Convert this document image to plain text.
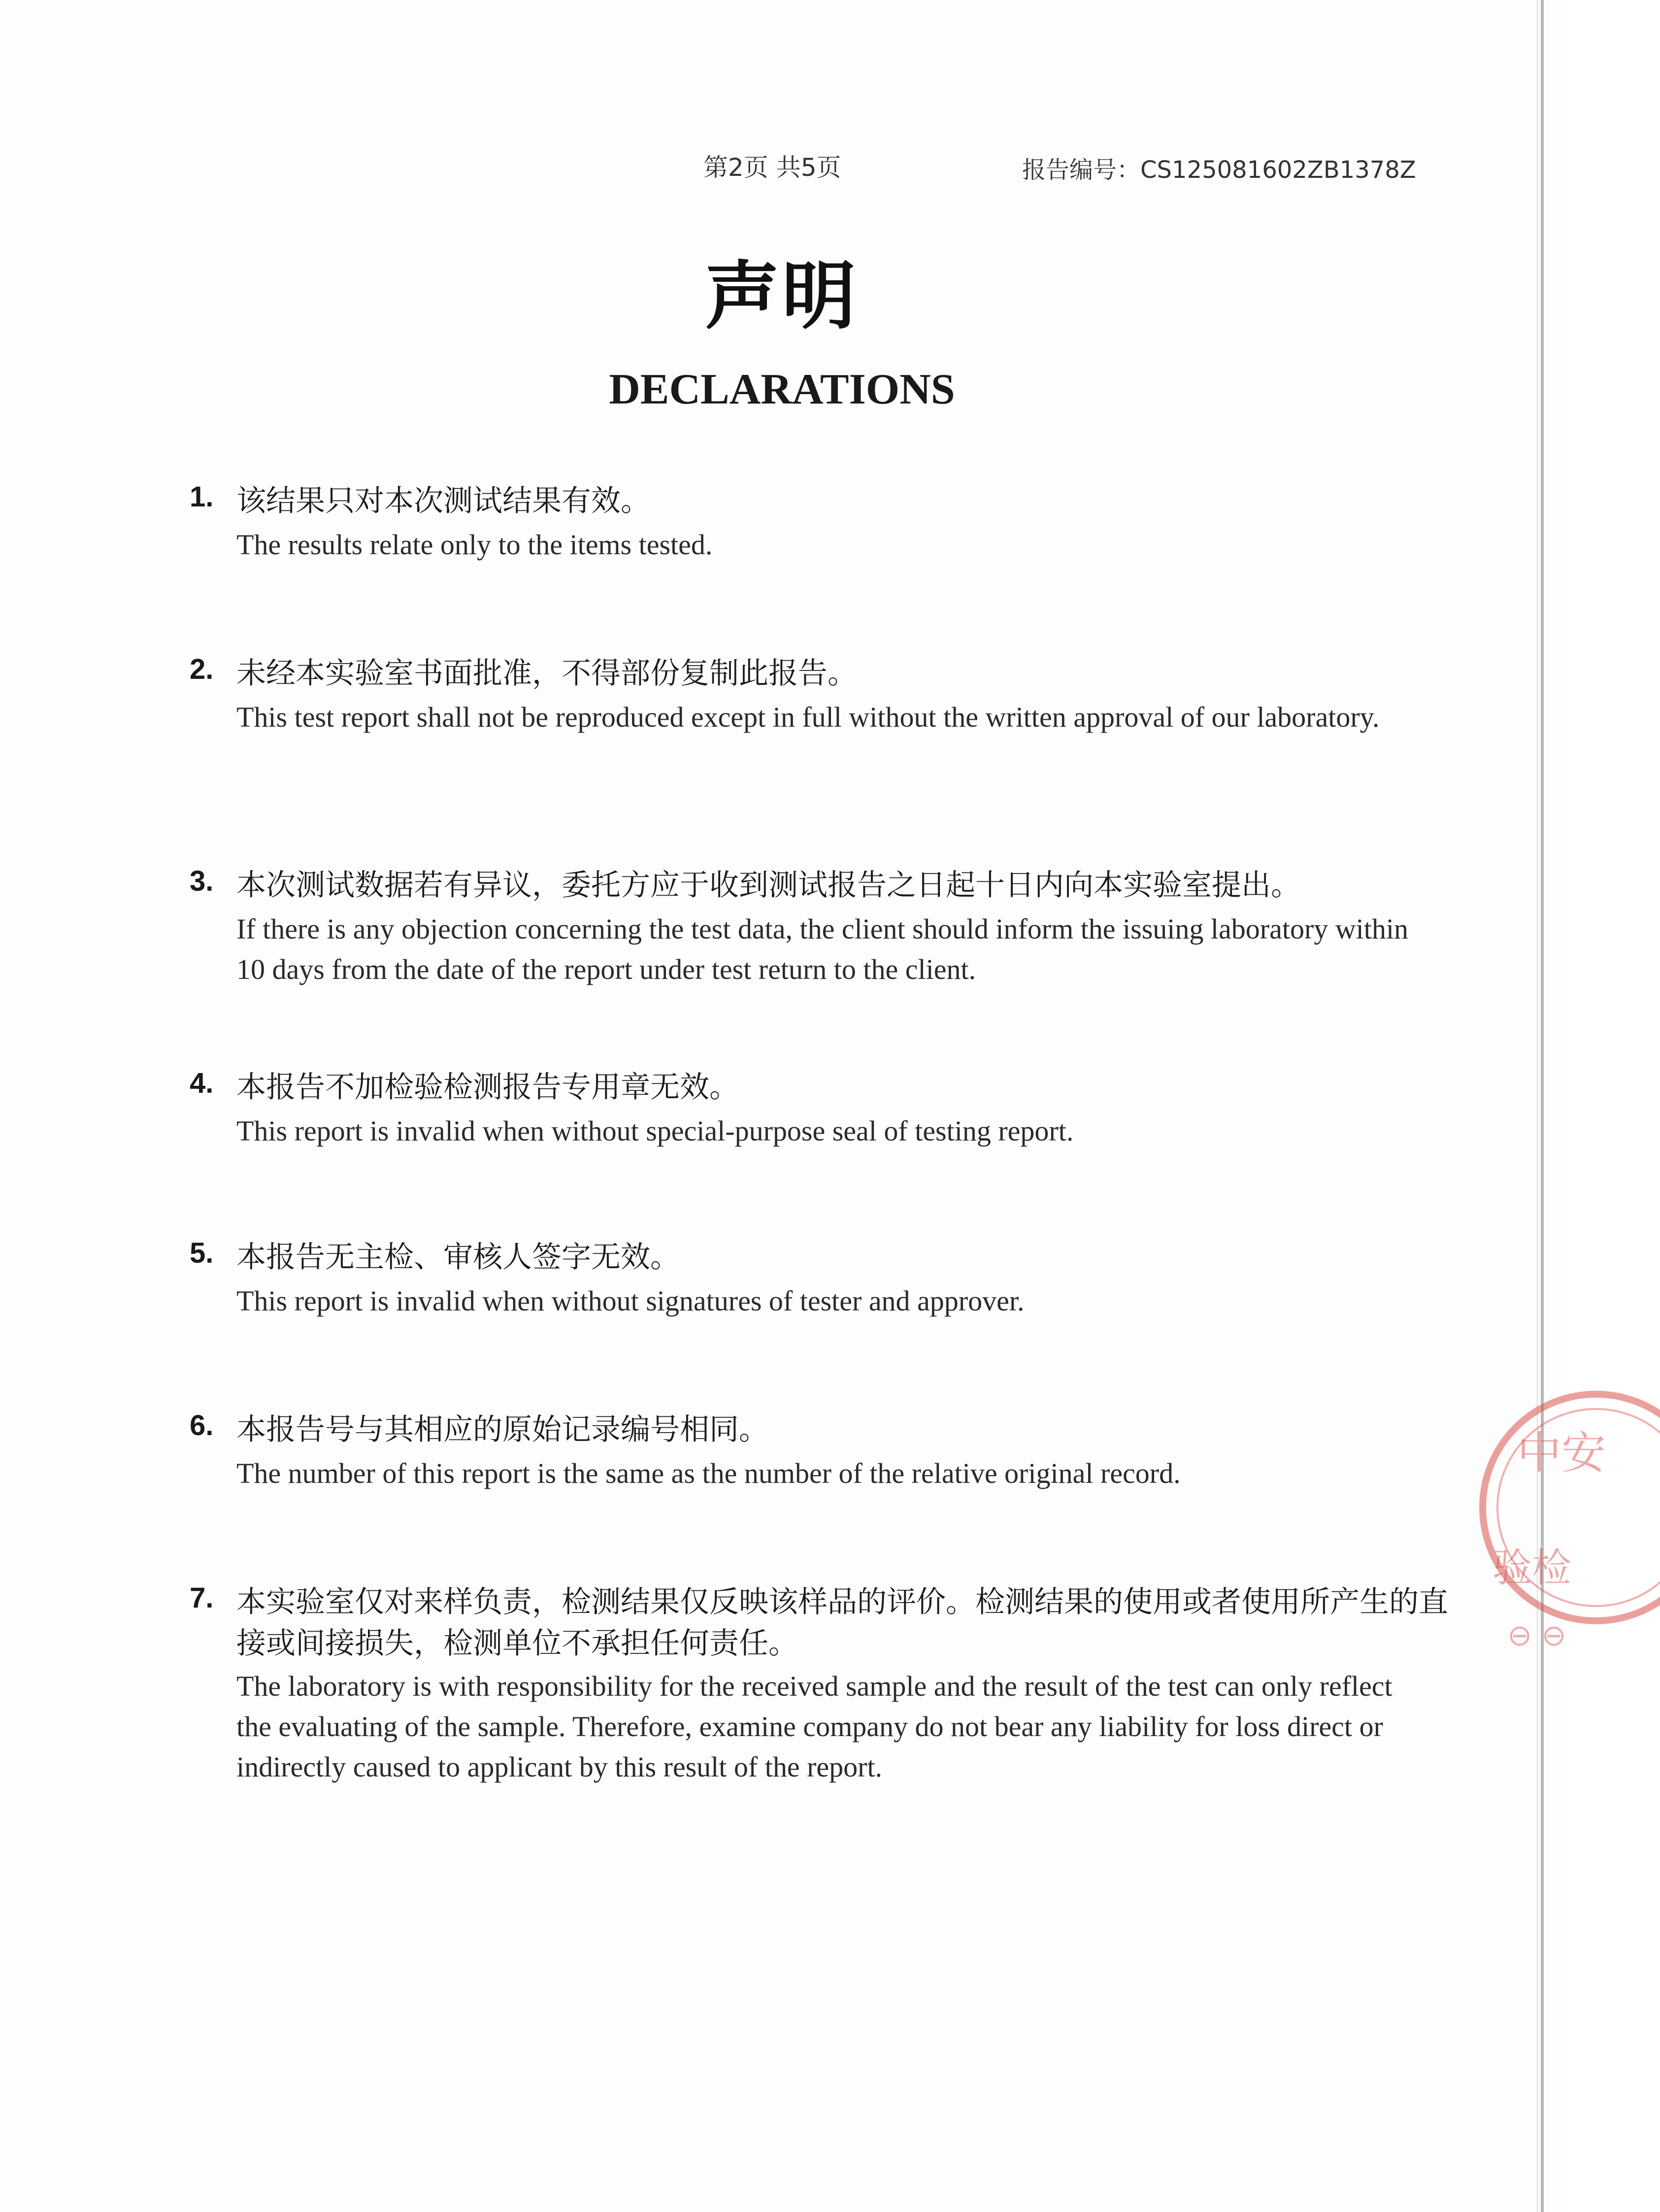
第2页 共5页	报告编号：CS125081602ZB1378Z
声明
DECLARATIONS
1. 该结果只对本次测试结果有效。
The results relate only to the items tested.
2. 未经本实验室书面批准，不得部份复制此报告。
This test report shall not be reproduced except in full without the written approval of our laboratory.
3. 本次测试数据若有异议，委托方应于收到测试报告之日起十日内向本实验室提出。
If there is any objection concerning the test data, the client should inform the issuing laboratory within 10 days from the date of the report under test return to the client.
4. 本报告不加检验检测报告专用章无效。
This report is invalid when without special-purpose seal of testing report.
5. 本报告无主检、审核人签字无效。
This report is invalid when without signatures of tester and approver.
6. 本报告号与其相应的原始记录编号相同。
The number of this report is the same as the number of the relative original record.
7. 本实验室仅对来样负责，检测结果仅反映该样品的评价。检测结果的使用或者使用所产生的直接或间接损失，检测单位不承担任何责任。
The laboratory is with responsibility for the received sample and the result of the test can only reflect the evaluating of the sample. Therefore, examine company do not bear any liability for loss direct or indirectly caused to applicant by this result of the report.
中安
验检
⊖ ⊖
